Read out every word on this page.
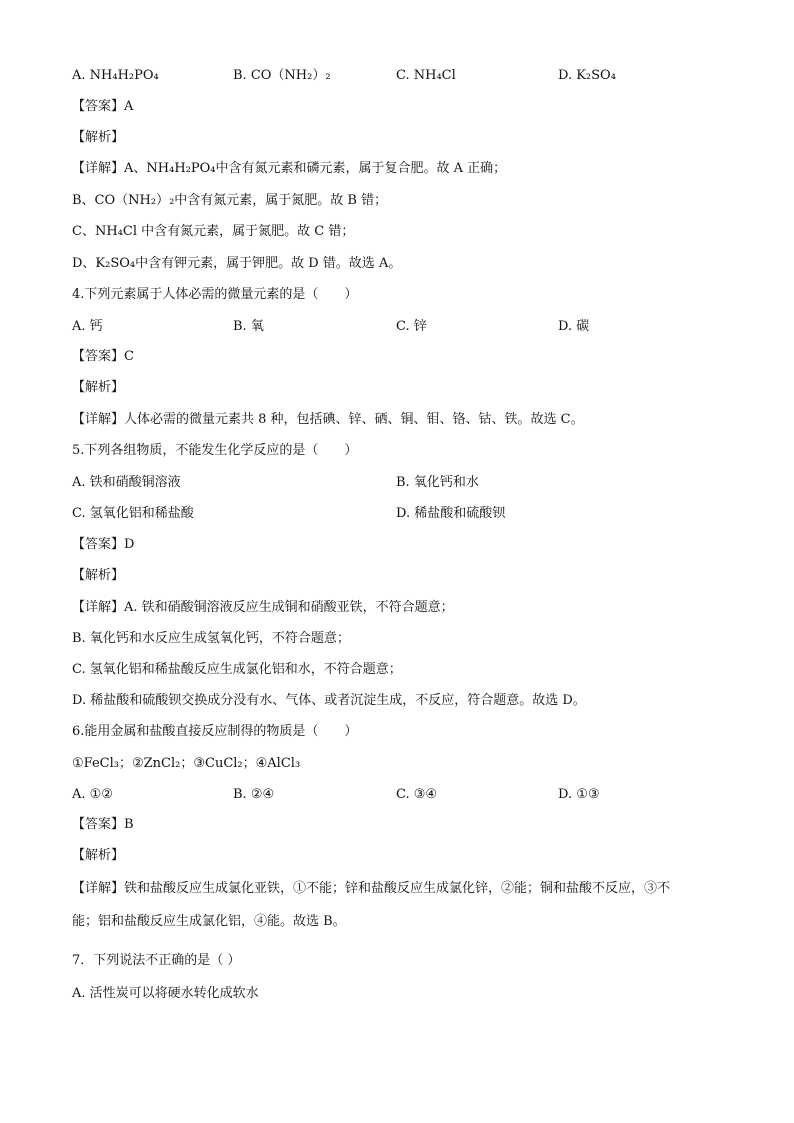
A. NH₄H₂PO₄	B. CO（NH₂）₂	C. NH₄Cl	D. K₂SO₄
【答案】A
【解析】
【详解】A、NH₄H₂PO₄中含有氮元素和磷元素，属于复合肥。故 A 正确；
B、CO（NH₂）₂中含有氮元素，属于氮肥。故 B 错；
C、NH₄Cl 中含有氮元素，属于氮肥。故 C 错；
D、K₂SO₄中含有钾元素，属于钾肥。故 D 错。故选 A。
4.下列元素属于人体必需的微量元素的是（　　）
A. 钙	B. 氧	C. 锌	D. 碳
【答案】C
【解析】
【详解】人体必需的微量元素共 8 种，包括碘、锌、硒、铜、钼、铬、钴、铁。故选 C。
5.下列各组物质，不能发生化学反应的是（　　）
A. 铁和硝酸铜溶液	B. 氧化钙和水
C. 氢氧化铝和稀盐酸	D. 稀盐酸和硫酸钡
【答案】D
【解析】
【详解】A. 铁和硝酸铜溶液反应生成铜和硝酸亚铁，不符合题意；
B. 氧化钙和水反应生成氢氧化钙，不符合题意；
C. 氢氧化铝和稀盐酸反应生成氯化铝和水，不符合题意；
D. 稀盐酸和硫酸钡交换成分没有水、气体、或者沉淀生成，不反应，符合题意。故选 D。
6.能用金属和盐酸直接反应制得的物质是（　　）
①FeCl₃；②ZnCl₂；③CuCl₂；④AlCl₃
A. ①②	B. ②④	C. ③④	D. ①③
【答案】B
【解析】
【详解】铁和盐酸反应生成氯化亚铁，①不能；锌和盐酸反应生成氯化锌，②能；铜和盐酸不反应，③不
能；铝和盐酸反应生成氯化铝，④能。故选 B。
7．下列说法不正确的是（ ）
A. 活性炭可以将硬水转化成软水
